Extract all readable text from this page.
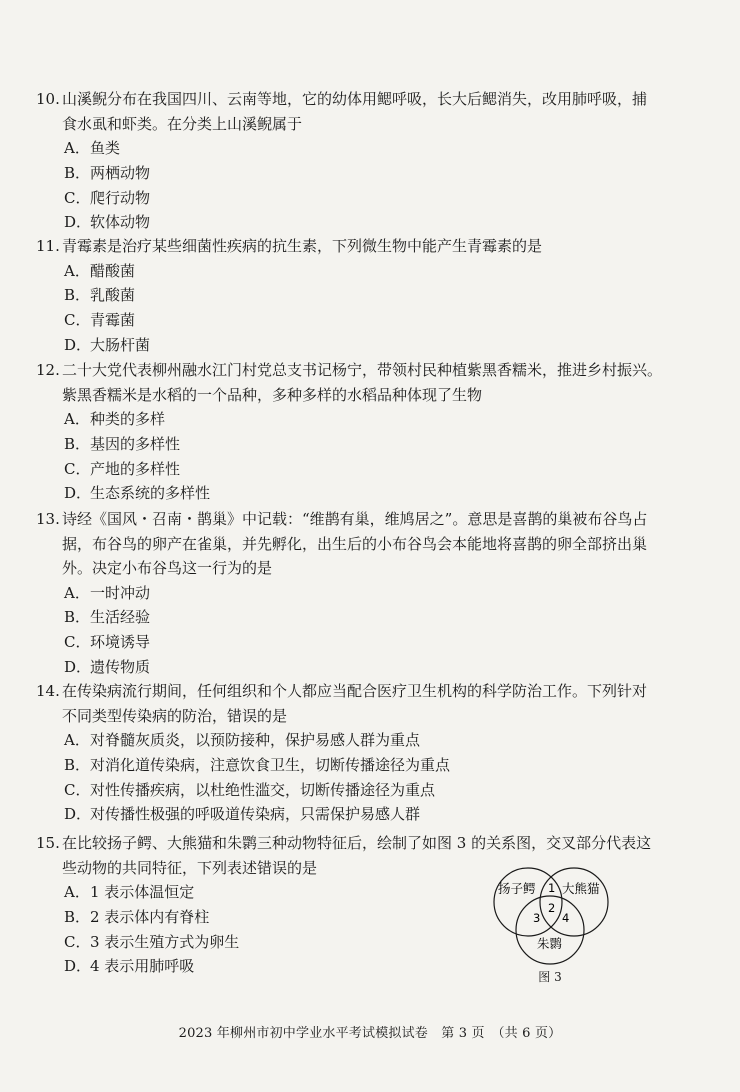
10. 山溪鲵分布在我国四川、云南等地，它的幼体用鳃呼吸，长大后鳃消失，改用肺呼吸，捕
食水虱和虾类。在分类上山溪鲵属于
A．鱼类
B．两栖动物
C．爬行动物
D．软体动物
11. 青霉素是治疗某些细菌性疾病的抗生素，下列微生物中能产生青霉素的是
A．醋酸菌
B．乳酸菌
C．青霉菌
D．大肠杆菌
12. 二十大党代表柳州融水江门村党总支书记杨宁，带领村民种植紫黑香糯米，推进乡村振兴。
紫黑香糯米是水稻的一个品种，多种多样的水稻品种体现了生物
A．种类的多样
B．基因的多样性
C．产地的多样性
D．生态系统的多样性
13. 诗经《国风・召南・鹊巢》中记载：“维鹊有巢，维鸠居之”。意思是喜鹊的巢被布谷鸟占
据，布谷鸟的卵产在雀巢，并先孵化，出生后的小布谷鸟会本能地将喜鹊的卵全部挤出巢
外。决定小布谷鸟这一行为的是
A．一时冲动
B．生活经验
C．环境诱导
D．遗传物质
14. 在传染病流行期间，任何组织和个人都应当配合医疗卫生机构的科学防治工作。下列针对
不同类型传染病的防治，错误的是
A．对脊髓灰质炎，以预防接种，保护易感人群为重点
B．对消化道传染病，注意饮食卫生，切断传播途径为重点
C．对性传播疾病，以杜绝性滥交，切断传播途径为重点
D．对传播性极强的呼吸道传染病，只需保护易感人群
15. 在比较扬子鳄、大熊猫和朱鹮三种动物特征后，绘制了如图 3 的关系图，交叉部分代表这
些动物的共同特征，下列表述错误的是
A．1 表示体温恒定
B．2 表示体内有脊柱
C．3 表示生殖方式为卵生
D．4 表示用肺呼吸
扬子鳄 大熊猫
朱鹮
1
2
3 4
图 3
2023 年柳州市初中学业水平考试模拟试卷　第 3 页　（共 6 页）
